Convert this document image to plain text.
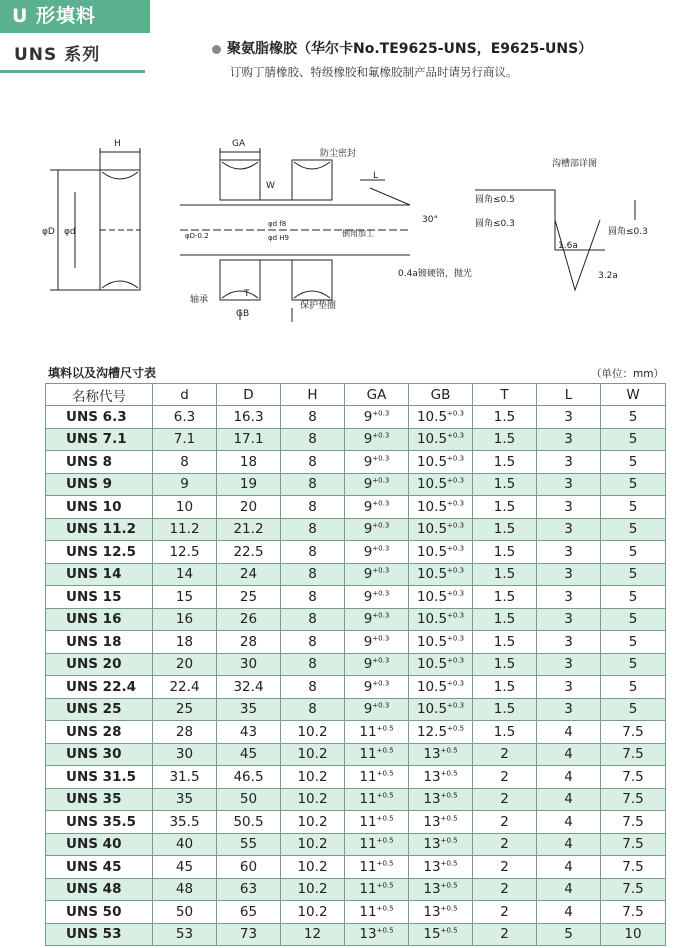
U 形填料
UNS 系列	聚氨脂橡胶（华尔卡No.TE9625-UNS，E9625-UNS）
订购丁腈橡胶、特级橡胶和氟橡胶制产品时请另行商议。
H
φD φd
GA
防尘密封
L
W
30°
φD-0.2
φd f8
φd H9	倒角加工
0.4a镀硬铬，抛光
轴承
T
GB
保护垫圈
沟槽部详图
圆角≤0.5
圆角≤0.3
圆角≤0.3
1.6a
3.2a
填料以及沟槽尺寸表	（单位：mm）
名称代号	d	D	H	GA	GB	T	L	W
UNS 6.3	6.3	16.3	8	$9^{+0.3}$	$10.5^{+0.3}$	1.5	3	5
UNS 7.1	7.1	17.1	8	$9^{+0.3}$	$10.5^{+0.3}$	1.5	3	5
UNS 8	8	18	8	$9^{+0.3}$	$10.5^{+0.3}$	1.5	3	5
UNS 9	9	19	8	$9^{+0.3}$	$10.5^{+0.3}$	1.5	3	5
UNS 10	10	20	8	$9^{+0.3}$	$10.5^{+0.3}$	1.5	3	5
UNS 11.2	11.2	21.2	8	$9^{+0.3}$	$10.5^{+0.3}$	1.5	3	5
UNS 12.5	12.5	22.5	8	$9^{+0.3}$	$10.5^{+0.3}$	1.5	3	5
UNS 14	14	24	8	$9^{+0.3}$	$10.5^{+0.3}$	1.5	3	5
UNS 15	15	25	8	$9^{+0.3}$	$10.5^{+0.3}$	1.5	3	5
UNS 16	16	26	8	$9^{+0.3}$	$10.5^{+0.3}$	1.5	3	5
UNS 18	18	28	8	$9^{+0.3}$	$10.5^{+0.3}$	1.5	3	5
UNS 20	20	30	8	$9^{+0.3}$	$10.5^{+0.3}$	1.5	3	5
UNS 22.4	22.4	32.4	8	$9^{+0.3}$	$10.5^{+0.3}$	1.5	3	5
UNS 25	25	35	8	$9^{+0.3}$	$10.5^{+0.3}$	1.5	3	5
UNS 28	28	43	10.2	$11^{+0.5}$	$12.5^{+0.5}$	1.5	4	7.5
UNS 30	30	45	10.2	$11^{+0.5}$	$13^{+0.5}$	2	4	7.5
UNS 31.5	31.5	46.5	10.2	$11^{+0.5}$	$13^{+0.5}$	2	4	7.5
UNS 35	35	50	10.2	$11^{+0.5}$	$13^{+0.5}$	2	4	7.5
UNS 35.5	35.5	50.5	10.2	$11^{+0.5}$	$13^{+0.5}$	2	4	7.5
UNS 40	40	55	10.2	$11^{+0.5}$	$13^{+0.5}$	2	4	7.5
UNS 45	45	60	10.2	$11^{+0.5}$	$13^{+0.5}$	2	4	7.5
UNS 48	48	63	10.2	$11^{+0.5}$	$13^{+0.5}$	2	4	7.5
UNS 50	50	65	10.2	$11^{+0.5}$	$13^{+0.5}$	2	4	7.5
UNS 53	53	73	12	$13^{+0.5}$	$15^{+0.5}$	2	5	10
